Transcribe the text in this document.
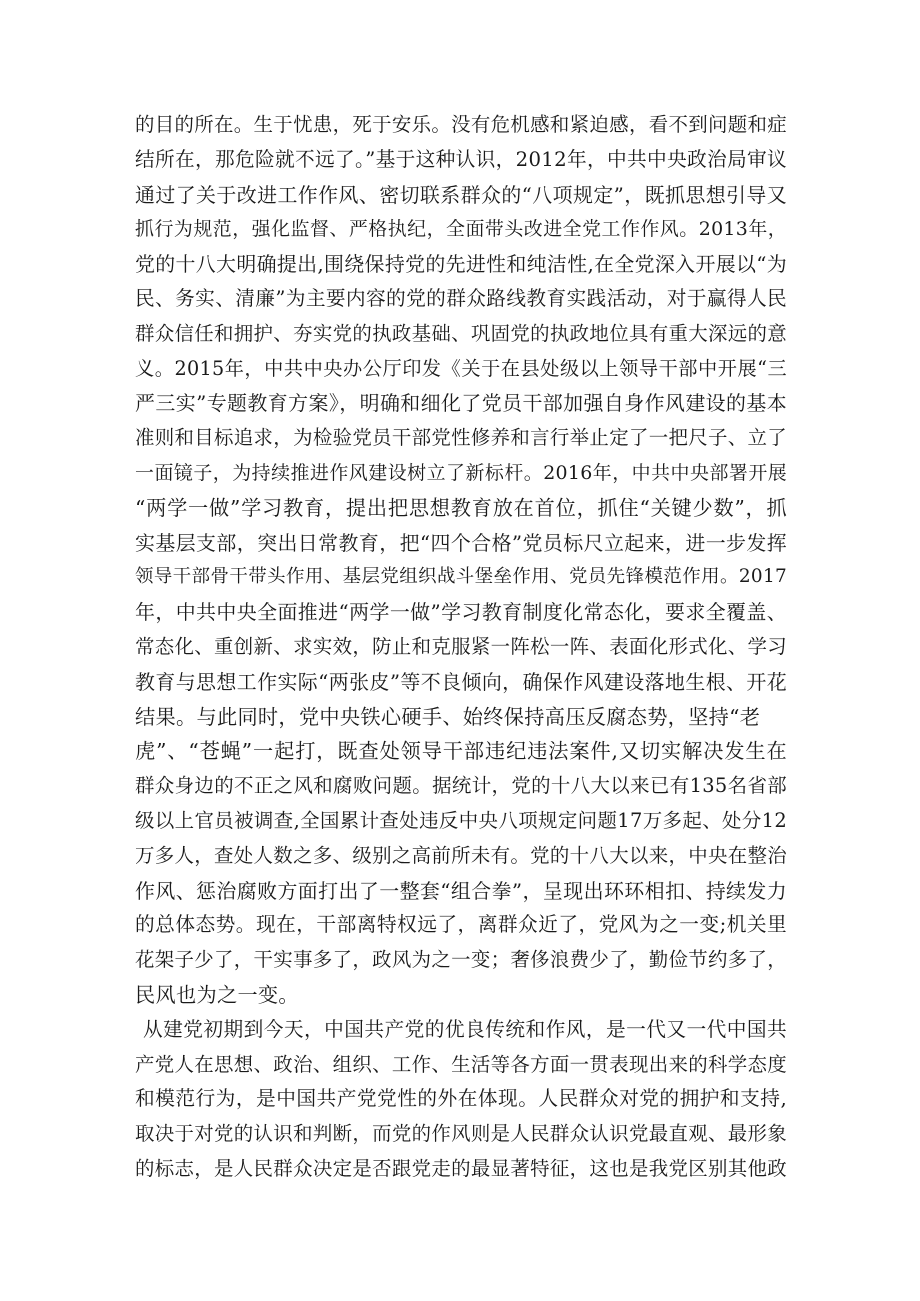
的目的所在。生于忧患，死于安乐。没有危机感和紧迫感，看不到问题和症
结所在，那危险就不远了。”基于这种认识，2012年，中共中央政治局审议
通过了关于改进工作作风、密切联系群众的“八项规定”，既抓思想引导又
抓行为规范，强化监督、严格执纪，全面带头改进全党工作作风。2013年，
党的十八大明确提出,围绕保持党的先进性和纯洁性,在全党深入开展以“为
民、务实、清廉”为主要内容的党的群众路线教育实践活动，对于赢得人民
群众信任和拥护、夯实党的执政基础、巩固党的执政地位具有重大深远的意
义。2015年，中共中央办公厅印发《关于在县处级以上领导干部中开展“三
严三实”专题教育方案》，明确和细化了党员干部加强自身作风建设的基本
准则和目标追求，为检验党员干部党性修养和言行举止定了一把尺子、立了
一面镜子，为持续推进作风建设树立了新标杆。2016年，中共中央部署开展
“两学一做”学习教育，提出把思想教育放在首位，抓住“关键少数”，抓
实基层支部，突出日常教育，把“四个合格”党员标尺立起来，进一步发挥
领导干部骨干带头作用、基层党组织战斗堡垒作用、党员先锋模范作用。2017
年，中共中央全面推进“两学一做”学习教育制度化常态化，要求全覆盖、
常态化、重创新、求实效，防止和克服紧一阵松一阵、表面化形式化、学习
教育与思想工作实际“两张皮”等不良倾向，确保作风建设落地生根、开花
结果。与此同时，党中央铁心硬手、始终保持高压反腐态势，坚持“老
虎”、“苍蝇”一起打，既查处领导干部违纪违法案件,又切实解决发生在
群众身边的不正之风和腐败问题。据统计，党的十八大以来已有135名省部
级以上官员被调查,全国累计查处违反中央八项规定问题17万多起、处分12
万多人，查处人数之多、级别之高前所未有。党的十八大以来，中央在整治
作风、惩治腐败方面打出了一整套“组合拳”，呈现出环环相扣、持续发力
的总体态势。现在，干部离特权远了，离群众近了，党风为之一变;机关里
花架子少了，干实事多了，政风为之一变；奢侈浪费少了，勤俭节约多了，
民风也为之一变。
从建党初期到今天，中国共产党的优良传统和作风，是一代又一代中国共
产党人在思想、政治、组织、工作、生活等各方面一贯表现出来的科学态度
和模范行为，是中国共产党党性的外在体现。人民群众对党的拥护和支持,
取决于对党的认识和判断，而党的作风则是人民群众认识党最直观、最形象
的标志，是人民群众决定是否跟党走的最显著特征，这也是我党区别其他政
